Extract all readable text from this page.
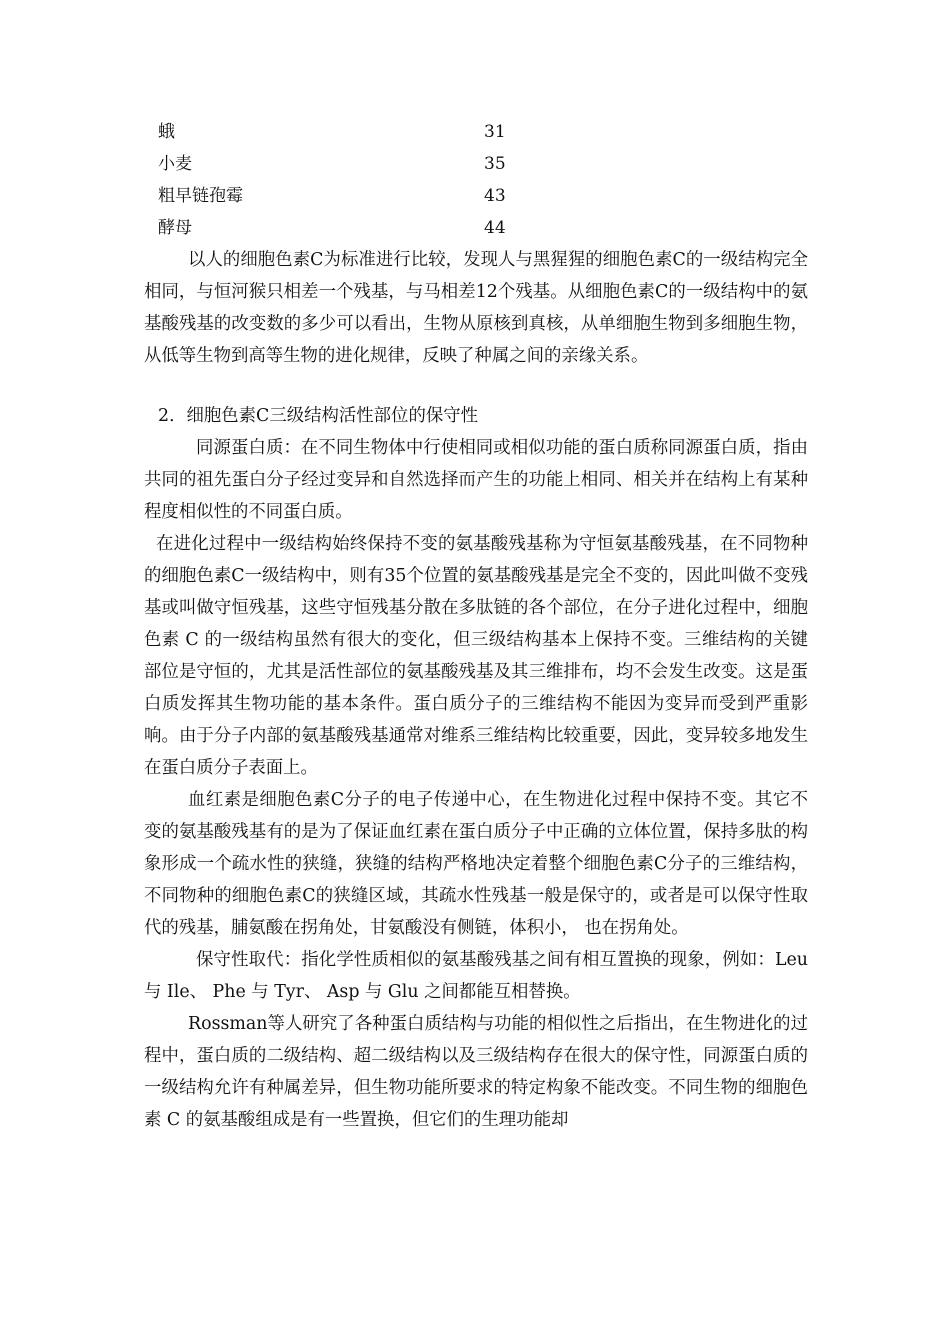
蛾	31
小麦	35
粗早链孢霉	43
酵母	44

以人的细胞色素C为标准进行比较，发现人与黑猩猩的细胞色素C的一级结构完全相同，与恒河猴只相差一个残基，与马相差12个残基。从细胞色素C的一级结构中的氨基酸残基的改变数的多少可以看出，生物从原核到真核，从单细胞生物到多细胞生物，从低等生物到高等生物的进化规律，反映了种属之间的亲缘关系。

2．细胞色素C三级结构活性部位的保守性

同源蛋白质：在不同生物体中行使相同或相似功能的蛋白质称同源蛋白质，指由共同的祖先蛋白分子经过变异和自然选择而产生的功能上相同、相关并在结构上有某种程度相似性的不同蛋白质。

在进化过程中一级结构始终保持不变的氨基酸残基称为守恒氨基酸残基，在不同物种的细胞色素C一级结构中，则有35个位置的氨基酸残基是完全不变的，因此叫做不变残基或叫做守恒残基，这些守恒残基分散在多肽链的各个部位，在分子进化过程中，细胞色素 C 的一级结构虽然有很大的变化，但三级结构基本上保持不变。三维结构的关键部位是守恒的，尤其是活性部位的氨基酸残基及其三维排布，均不会发生改变。这是蛋白质发挥其生物功能的基本条件。蛋白质分子的三维结构不能因为变异而受到严重影响。由于分子内部的氨基酸残基通常对维系三维结构比较重要，因此，变异较多地发生在蛋白质分子表面上。

血红素是细胞色素C分子的电子传递中心，在生物进化过程中保持不变。其它不变的氨基酸残基有的是为了保证血红素在蛋白质分子中正确的立体位置，保持多肽的构象形成一个疏水性的狭缝，狭缝的结构严格地决定着整个细胞色素C分子的三维结构，不同物种的细胞色素C的狭缝区域，其疏水性残基一般是保守的，或者是可以保守性取代的残基，脯氨酸在拐角处，甘氨酸没有侧链，体积小， 也在拐角处。

保守性取代：指化学性质相似的氨基酸残基之间有相互置换的现象，例如：Leu 与 Ile、 Phe 与 Tyr、 Asp 与 Glu 之间都能互相替换。

Rossman等人研究了各种蛋白质结构与功能的相似性之后指出，在生物进化的过程中，蛋白质的二级结构、超二级结构以及三级结构存在很大的保守性，同源蛋白质的一级结构允许有种属差异，但生物功能所要求的特定构象不能改变。不同生物的细胞色素 C 的氨基酸组成是有一些置换，但它们的生理功能却
